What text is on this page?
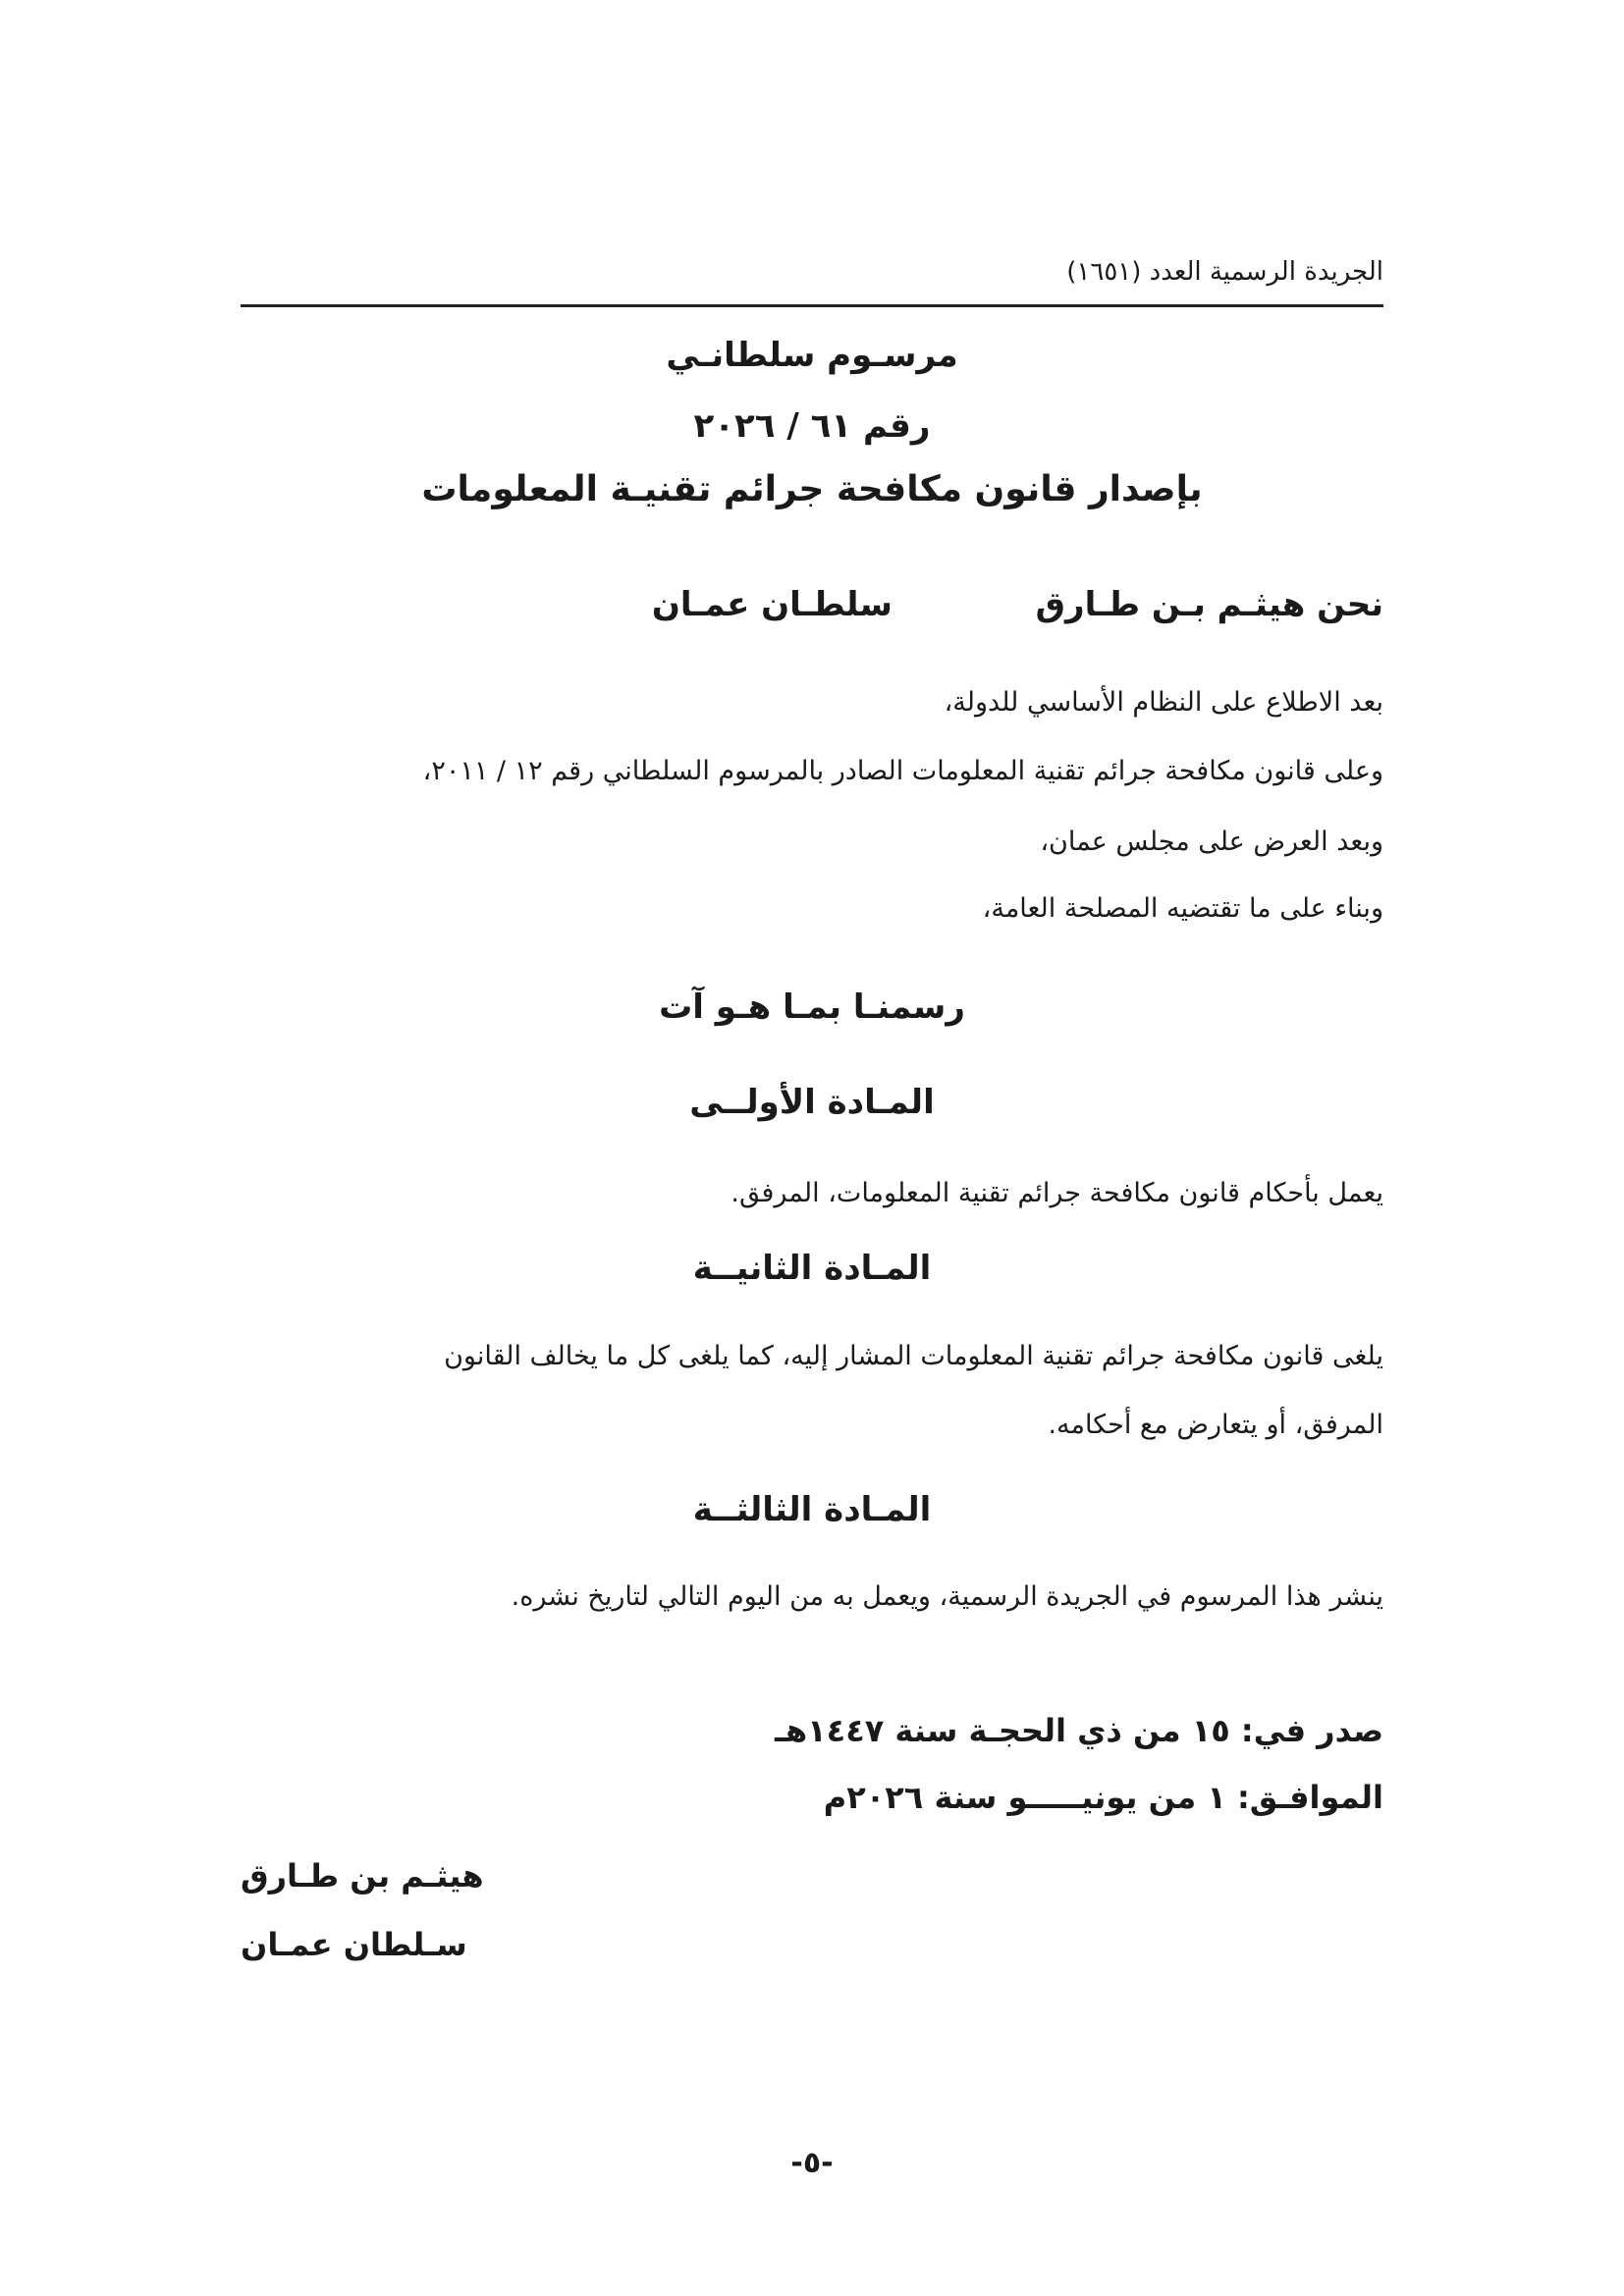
الجريدة الرسمية العدد (١٦٥١)
مرسـوم سلطانـي
رقم ٦١ / ٢٠٢٦
بإصدار قانون مكافحة جرائم تقنيـة المعلومات
نحن هيثـم بـن طـارق
سلطـان عمـان
بعد الاطلاع على النظام الأساسي للدولة،
وعلى قانون مكافحة جرائم تقنية المعلومات الصادر بالمرسوم السلطاني رقم ١٢ / ٢٠١١،
وبعد العرض على مجلس عمان،
وبناء على ما تقتضيه المصلحة العامة،
رسمنـا بمـا هـو آت
المـادة الأولــى
يعمل بأحكام قانون مكافحة جرائم تقنية المعلومات، المرفق.
المـادة الثانيــة
يلغى قانون مكافحة جرائم تقنية المعلومات المشار إليه، كما يلغى كل ما يخالف القانون
المرفق، أو يتعارض مع أحكامه.
المـادة الثالثــة
ينشر هذا المرسوم في الجريدة الرسمية، ويعمل به من اليوم التالي لتاريخ نشره.
صدر في: ١٥ من ذي الحجـة سنة ١٤٤٧هـ
الموافـق: ١ من يونيـــــو سنة ٢٠٢٦م
هيثـم بن طـارق
سـلطان عمـان
-٥-
